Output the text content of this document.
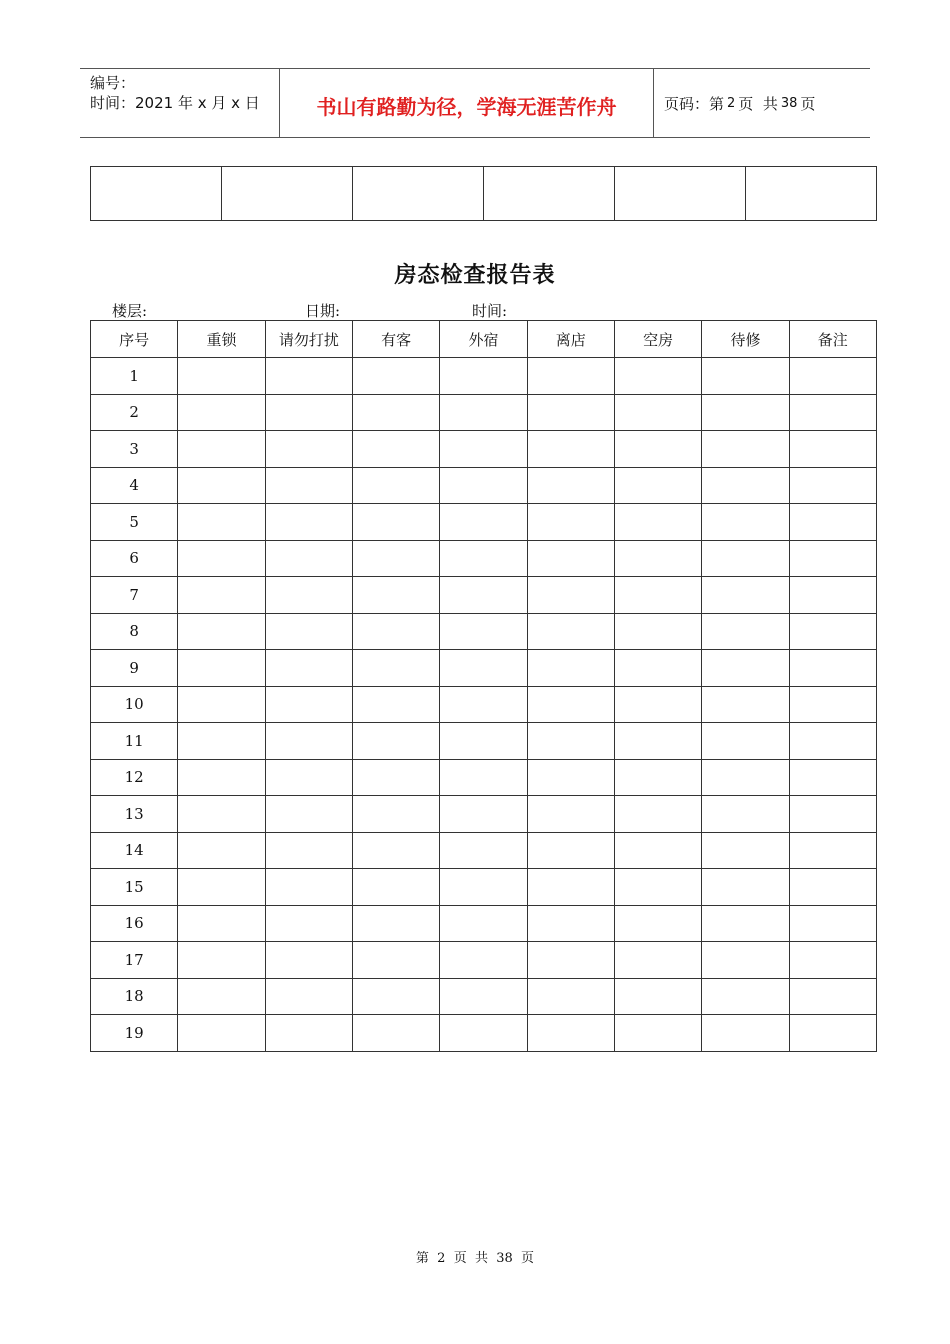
编号：
时间：2021 年 x 月 x 日	书山有路勤为径，学海无涯苦作舟	页码：第 2 页  共 38 页

房态检查报告表
楼层:	日期:	时间:
序号	重锁	请勿打扰	有客	外宿	离店	空房	待修	备注
1								
2								
3								
4								
5								
6								
7								
8								
9								
10								
11								
12								
13								
14								
15								
16								
17								
18								
19								
第  2  页  共  38  页
